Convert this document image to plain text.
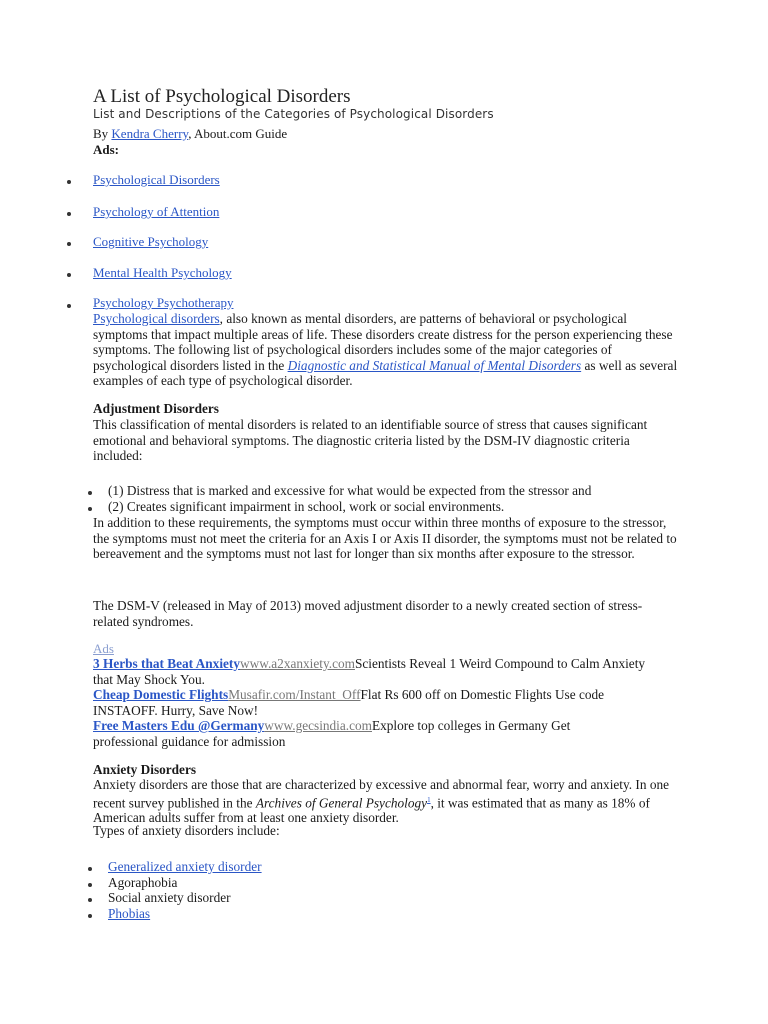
A List of Psychological Disorders
List and Descriptions of the Categories of Psychological Disorders
By Kendra Cherry, About.com Guide
Ads:
Psychological Disorders
Psychology of Attention
Cognitive Psychology
Mental Health Psychology
Psychology Psychotherapy
Psychological disorders, also known as mental disorders, are patterns of behavioral or psychological symptoms that impact multiple areas of life. These disorders create distress for the person experiencing these symptoms. The following list of psychological disorders includes some of the major categories of psychological disorders listed in the Diagnostic and Statistical Manual of Mental Disorders as well as several examples of each type of psychological disorder.
Adjustment Disorders
This classification of mental disorders is related to an identifiable source of stress that causes significant emotional and behavioral symptoms. The diagnostic criteria listed by the DSM-IV diagnostic criteria included:
(1) Distress that is marked and excessive for what would be expected from the stressor and
(2) Creates significant impairment in school, work or social environments.
In addition to these requirements, the symptoms must occur within three months of exposure to the stressor, the symptoms must not meet the criteria for an Axis I or Axis II disorder, the symptoms must not be related to bereavement and the symptoms must not last for longer than six months after exposure to the stressor.
The DSM-V (released in May of 2013) moved adjustment disorder to a newly created section of stress-related syndromes.
Ads
3 Herbs that Beat Anxietywww.a2xanxiety.comScientists Reveal 1 Weird Compound to Calm Anxiety that May Shock You.
Cheap Domestic FlightsMusafir.com/Instant_OffFlat Rs 600 off on Domestic Flights Use code INSTAOFF. Hurry, Save Now!
Free Masters Edu @Germanywww.gecsindia.comExplore top colleges in Germany Get professional guidance for admission
Anxiety Disorders
Anxiety disorders are those that are characterized by excessive and abnormal fear, worry and anxiety. In one recent survey published in the Archives of General Psychology$^1$, it was estimated that as many as 18% of American adults suffer from at least one anxiety disorder.
Types of anxiety disorders include:
Generalized anxiety disorder
Agoraphobia
Social anxiety disorder
Phobias
